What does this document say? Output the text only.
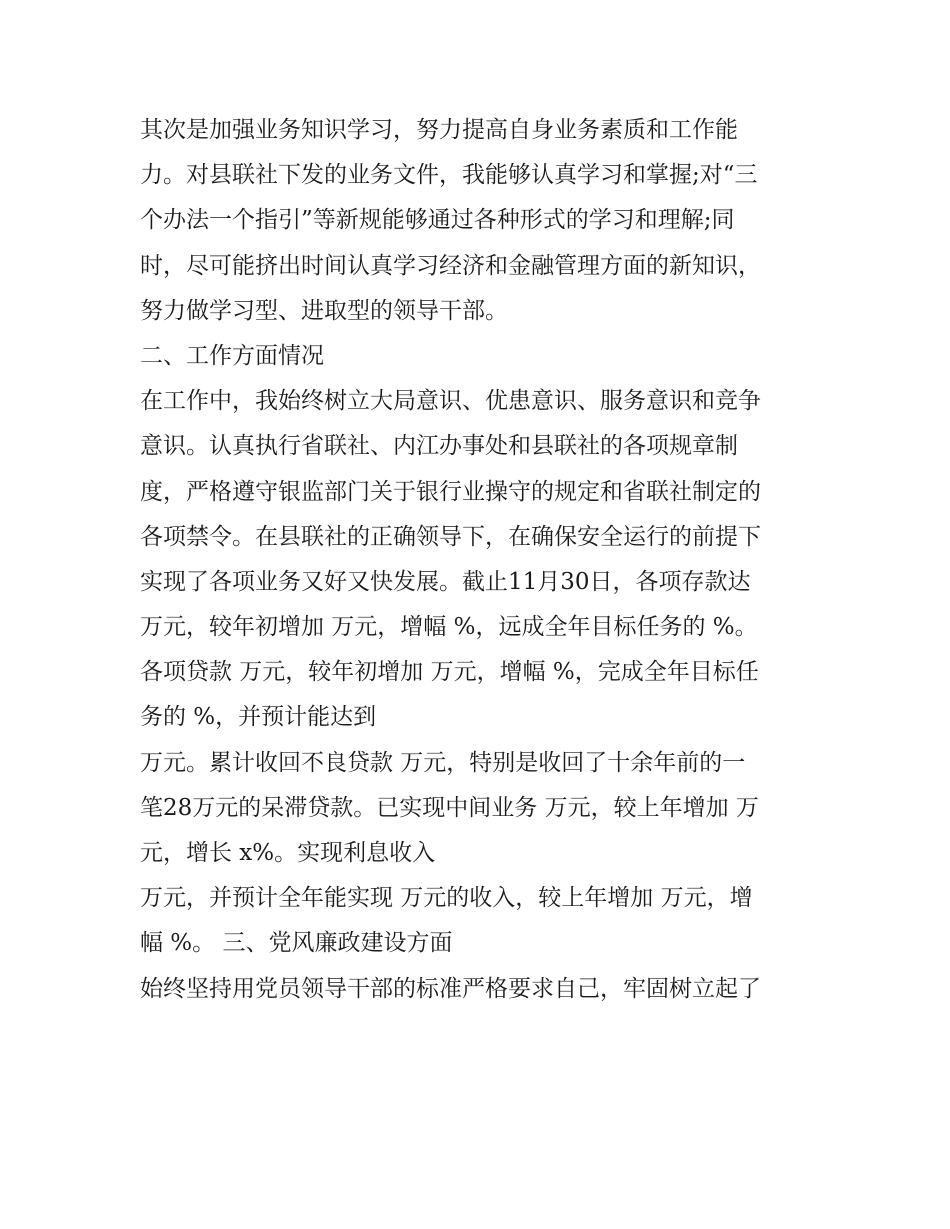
其次是加强业务知识学习，努力提高自身业务素质和工作能
力。对县联社下发的业务文件，我能够认真学习和掌握;对“三
个办法一个指引”等新规能够通过各种形式的学习和理解;同
时，尽可能挤出时间认真学习经济和金融管理方面的新知识，
努力做学习型、进取型的领导干部。
二、工作方面情况
在工作中，我始终树立大局意识、优患意识、服务意识和竞争
意识。认真执行省联社、内江办事处和县联社的各项规章制
度，严格遵守银监部门关于银行业操守的规定和省联社制定的
各项禁令。在县联社的正确领导下，在确保安全运行的前提下
实现了各项业务又好又快发展。截止11月30日，各项存款达
万元，较年初增加 万元，增幅 %，远成全年目标任务的 %。
各项贷款 万元，较年初增加 万元，增幅 %，完成全年目标任
务的 %，并预计能达到
万元。累计收回不良贷款 万元，特别是收回了十余年前的一
笔28万元的呆滞贷款。已实现中间业务 万元，较上年增加 万
元，增长 x%。实现利息收入
万元，并预计全年能实现 万元的收入，较上年增加 万元，增
幅 %。 三、党风廉政建设方面
始终坚持用党员领导干部的标准严格要求自己，牢固树立起了
